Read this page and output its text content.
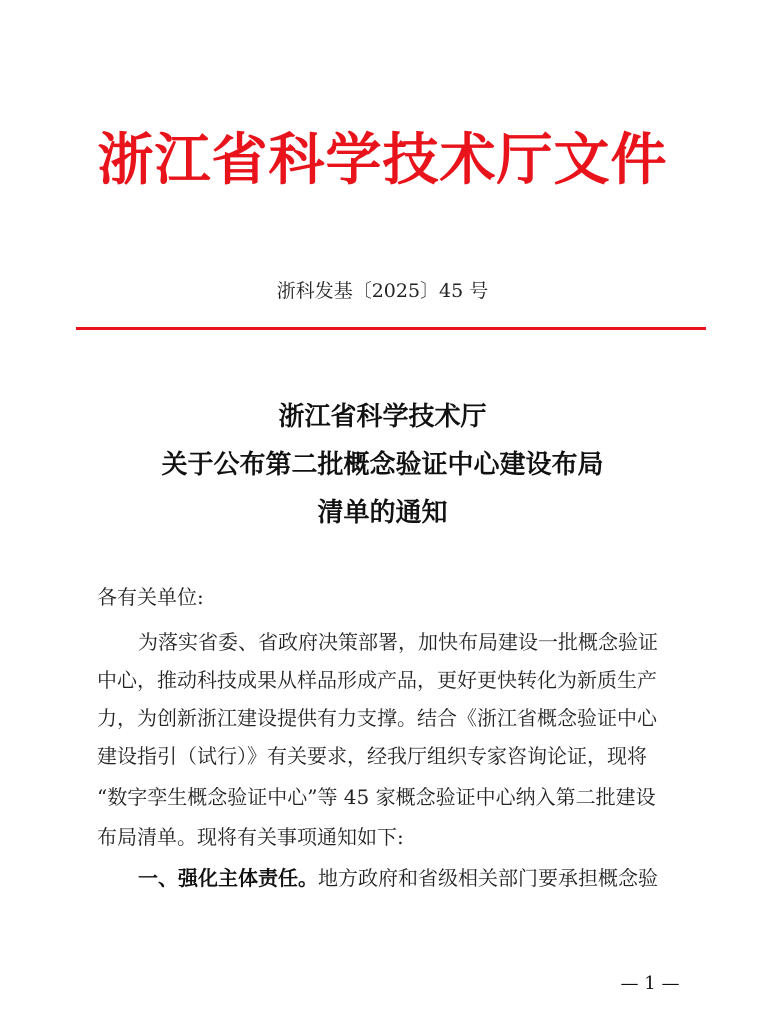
浙江省科学技术厅文件
浙科发基〔2025〕45 号
浙江省科学技术厅
关于公布第二批概念验证中心建设布局
清单的通知
各有关单位:
为落实省委、省政府决策部署，加快布局建设一批概念验证
中心，推动科技成果从样品形成产品，更好更快转化为新质生产
力，为创新浙江建设提供有力支撑。结合《浙江省概念验证中心
建设指引（试行）》有关要求，经我厅组织专家咨询论证，现将
“数字孪生概念验证中心”等 45 家概念验证中心纳入第二批建设
布局清单。现将有关事项通知如下:
一、强化主体责任。地方政府和省级相关部门要承担概念验
— 1 —
